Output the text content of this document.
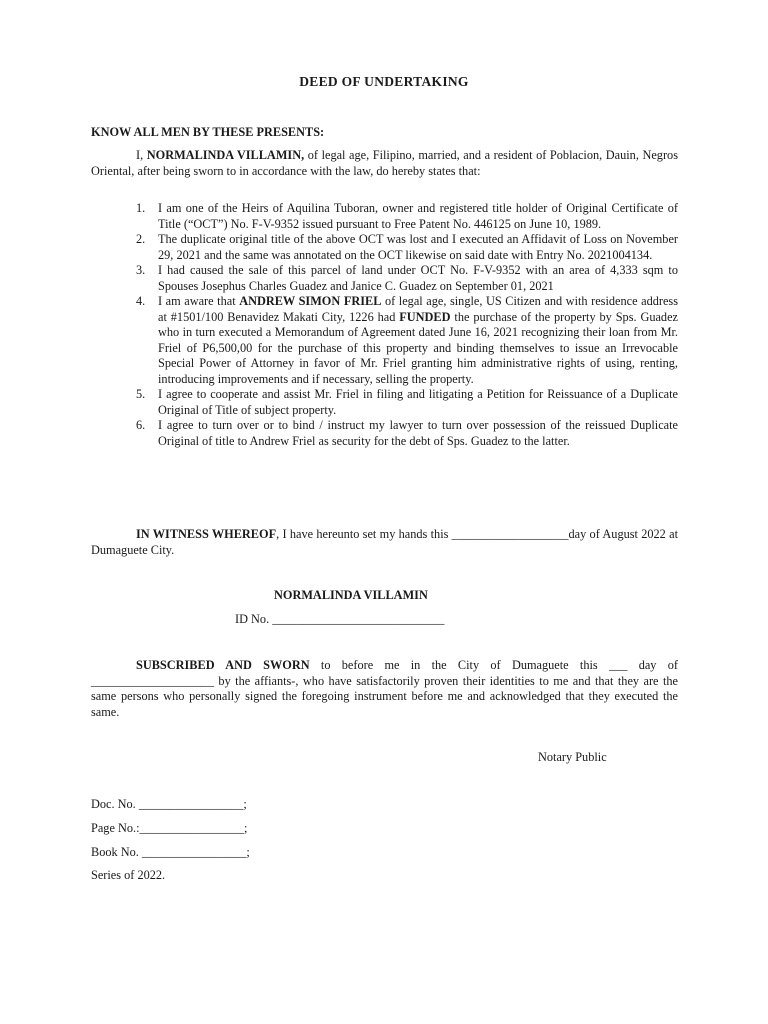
DEED OF UNDERTAKING
KNOW ALL MEN BY THESE PRESENTS:
I, NORMALINDA VILLAMIN, of legal age, Filipino, married, and a resident of Poblacion, Dauin, Negros Oriental, after being sworn to in accordance with the law, do hereby states that:
1. I am one of the Heirs of Aquilina Tuboran, owner and registered title holder of Original Certificate of Title (“OCT”) No. F-V-9352 issued pursuant to Free Patent No. 446125 on June 10, 1989.
2. The duplicate original title of the above OCT was lost and I executed an Affidavit of Loss on November 29, 2021 and the same was annotated on the OCT likewise on said date with Entry No. 2021004134.
3. I had caused the sale of this parcel of land under OCT No. F-V-9352 with an area of 4,333 sqm to Spouses Josephus Charles Guadez and Janice C. Guadez on September 01, 2021
4. I am aware that ANDREW SIMON FRIEL of legal age, single, US Citizen and with residence address at #1501/100 Benavidez Makati City, 1226 had FUNDED the purchase of the property by Sps. Guadez who in turn executed a Memorandum of Agreement dated June 16, 2021 recognizing their loan from Mr. Friel of P6,500,00 for the purchase of this property and binding themselves to issue an Irrevocable Special Power of Attorney in favor of Mr. Friel granting him administrative rights of using, renting, introducing improvements and if necessary, selling the property.
5. I agree to cooperate and assist Mr. Friel in filing and litigating a Petition for Reissuance of a Duplicate Original of Title of subject property.
6. I agree to turn over or to bind / instruct my lawyer to turn over possession of the reissued Duplicate Original of title to Andrew Friel as security for the debt of Sps. Guadez to the latter.
IN WITNESS WHEREOF, I have hereunto set my hands this ___________________day of August 2022 at Dumaguete City.
NORMALINDA VILLAMIN
ID No. ____________________________
SUBSCRIBED AND SWORN to before me in the City of Dumaguete this ___ day of ____________________ by the affiants-, who have satisfactorily proven their identities to me and that they are the same persons who personally signed the foregoing instrument before me and acknowledged that they executed the same.
Notary Public
Doc. No. _________________;
Page No.:_________________;
Book No. _________________;
Series of 2022.
